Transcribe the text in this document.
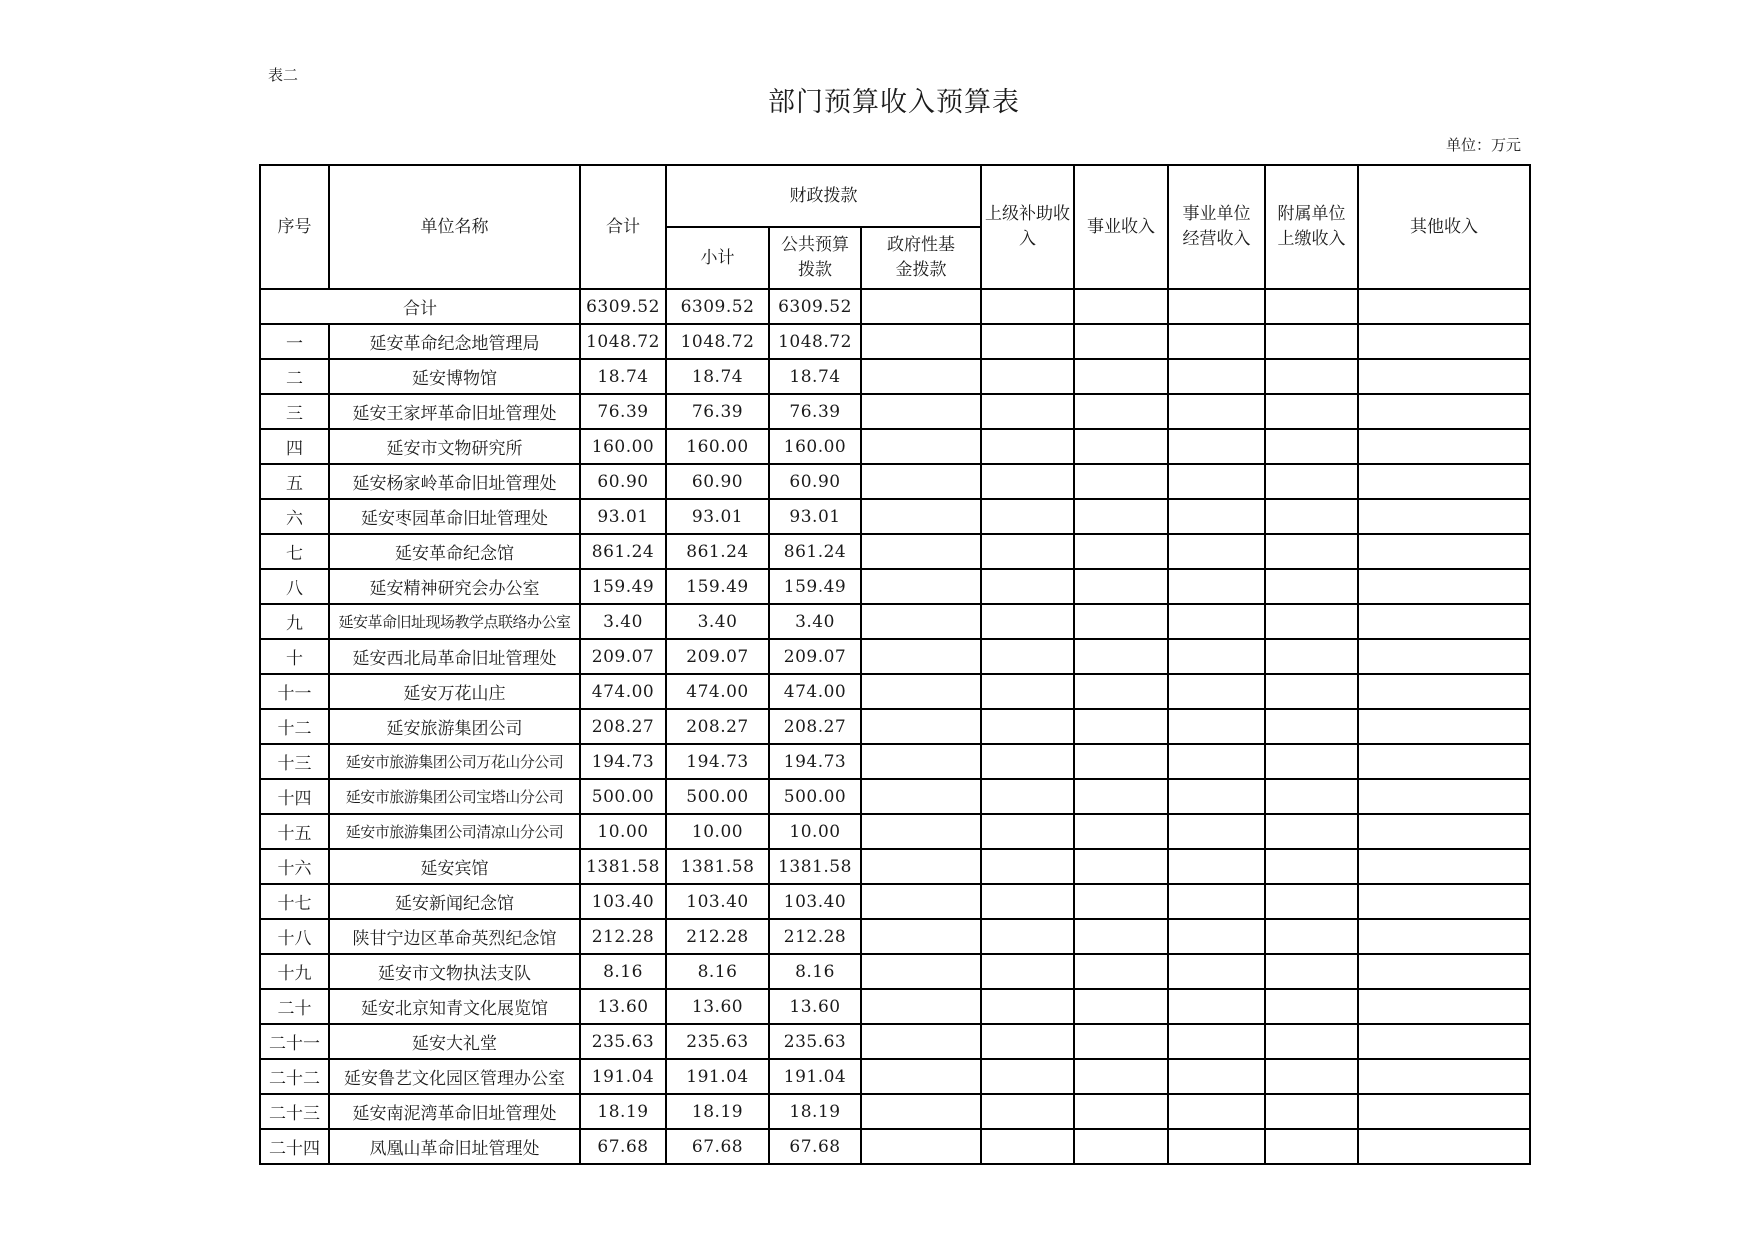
表二
部门预算收入预算表
单位：万元
序号	单位名称	合计	财政拨款			上级补助收入	事业收入	事业单位经营收入	附属单位上缴收入	其他收入
			小计	公共预算拨款	政府性基金拨款					
合计		6309.52	6309.52	6309.52						
一	延安革命纪念地管理局	1048.72	1048.72	1048.72						
二	延安博物馆	18.74	18.74	18.74						
三	延安王家坪革命旧址管理处	76.39	76.39	76.39						
四	延安市文物研究所	160.00	160.00	160.00						
五	延安杨家岭革命旧址管理处	60.90	60.90	60.90						
六	延安枣园革命旧址管理处	93.01	93.01	93.01						
七	延安革命纪念馆	861.24	861.24	861.24						
八	延安精神研究会办公室	159.49	159.49	159.49						
九	延安革命旧址现场教学点联络办公室	3.40	3.40	3.40						
十	延安西北局革命旧址管理处	209.07	209.07	209.07						
十一	延安万花山庄	474.00	474.00	474.00						
十二	延安旅游集团公司	208.27	208.27	208.27						
十三	延安市旅游集团公司万花山分公司	194.73	194.73	194.73						
十四	延安市旅游集团公司宝塔山分公司	500.00	500.00	500.00						
十五	延安市旅游集团公司清凉山分公司	10.00	10.00	10.00						
十六	延安宾馆	1381.58	1381.58	1381.58						
十七	延安新闻纪念馆	103.40	103.40	103.40						
十八	陕甘宁边区革命英烈纪念馆	212.28	212.28	212.28						
十九	延安市文物执法支队	8.16	8.16	8.16						
二十	延安北京知青文化展览馆	13.60	13.60	13.60						
二十一	延安大礼堂	235.63	235.63	235.63						
二十二	延安鲁艺文化园区管理办公室	191.04	191.04	191.04						
二十三	延安南泥湾革命旧址管理处	18.19	18.19	18.19						
二十四	凤凰山革命旧址管理处	67.68	67.68	67.68						
